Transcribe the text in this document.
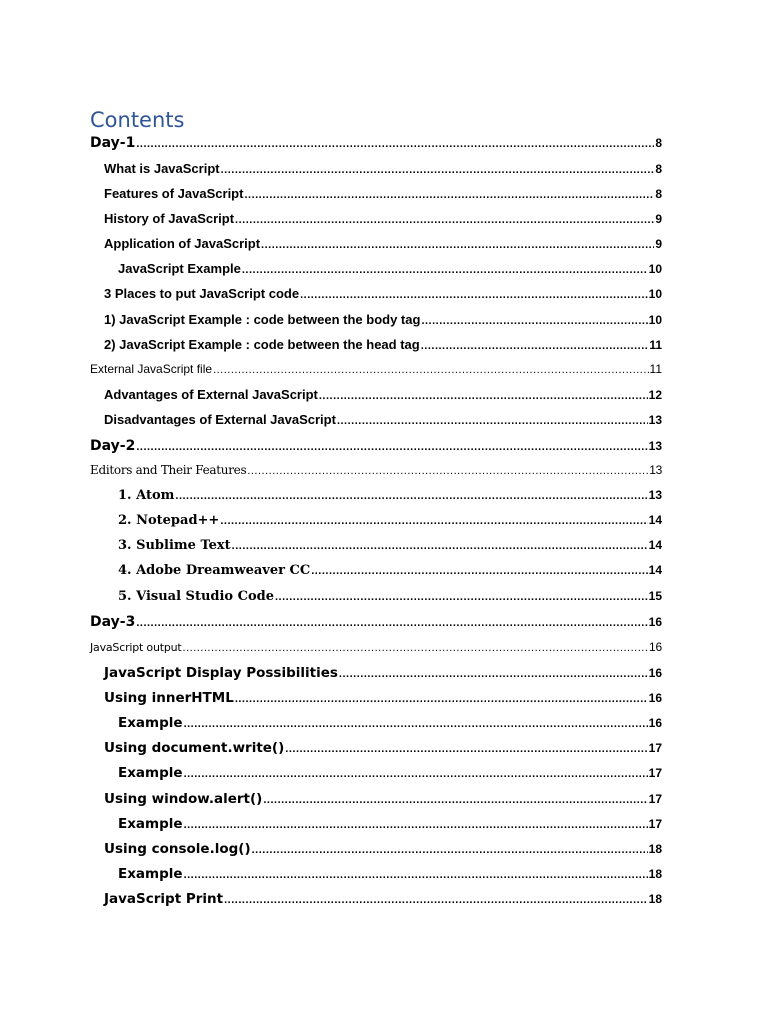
Contents
Day-1 .....	8
What is JavaScript .....	8
Features of JavaScript .....	8
History of JavaScript .....	9
Application of JavaScript .....	9
JavaScript Example .....	10
3 Places to put JavaScript code .....	10
1) JavaScript Example : code between the body tag .....	10
2) JavaScript Example : code between the head tag .....	11
External JavaScript file .....	11
Advantages of External JavaScript .....	12
Disadvantages of External JavaScript .....	13
Day-2 .....	13
Editors and Their Features .....	13
1. Atom .....	13
2. Notepad++ .....	14
3. Sublime Text .....	14
4. Adobe Dreamweaver CC .....	14
5. Visual Studio Code .....	15
Day-3 .....	16
JavaScript output .....	16
JavaScript Display Possibilities .....	16
Using innerHTML .....	16
Example .....	16
Using document.write() .....	17
Example .....	17
Using window.alert() .....	17
Example .....	17
Using console.log() .....	18
Example .....	18
JavaScript Print .....	18
